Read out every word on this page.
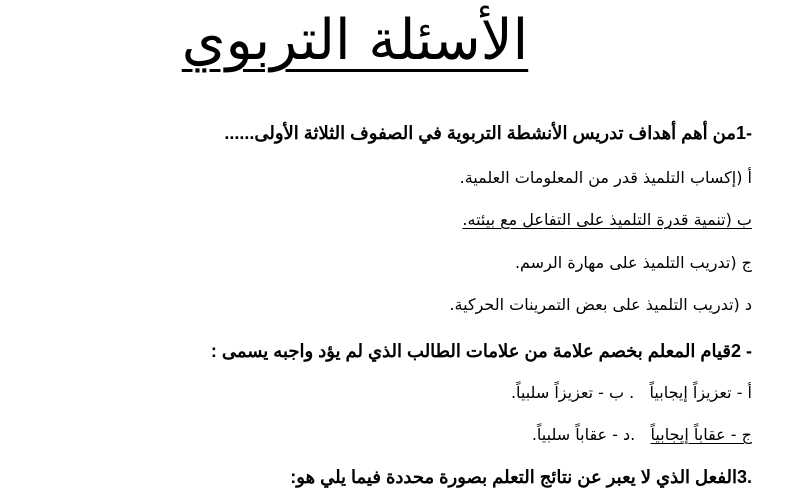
الأسئلة التربوي
-1من أهم أهداف تدريس الأنشطة التربوية في الصفوف الثلاثة الأولى......
أ (إكساب التلميذ قدر من المعلومات العلمية.
ب (تنمية قدرة التلميذ على التفاعل مع بيئته.
ج (تدريب التلميذ على مهارة الرسم.
د (تدريب التلميذ على بعض التمرينات الحركية.
- 2قيام المعلم بخصم علامة من علامات الطالب الذي لم يؤد واجبه يسمى :
أ - تعزيزاً إيجابياً   . ب - تعزيزاً سلبياً.
ج - عقاباً إيجابياً   .د - عقاباً سلبياً.
.3الفعل الذي لا يعبر عن نتائج التعلم بصورة محددة فيما يلي هو:
